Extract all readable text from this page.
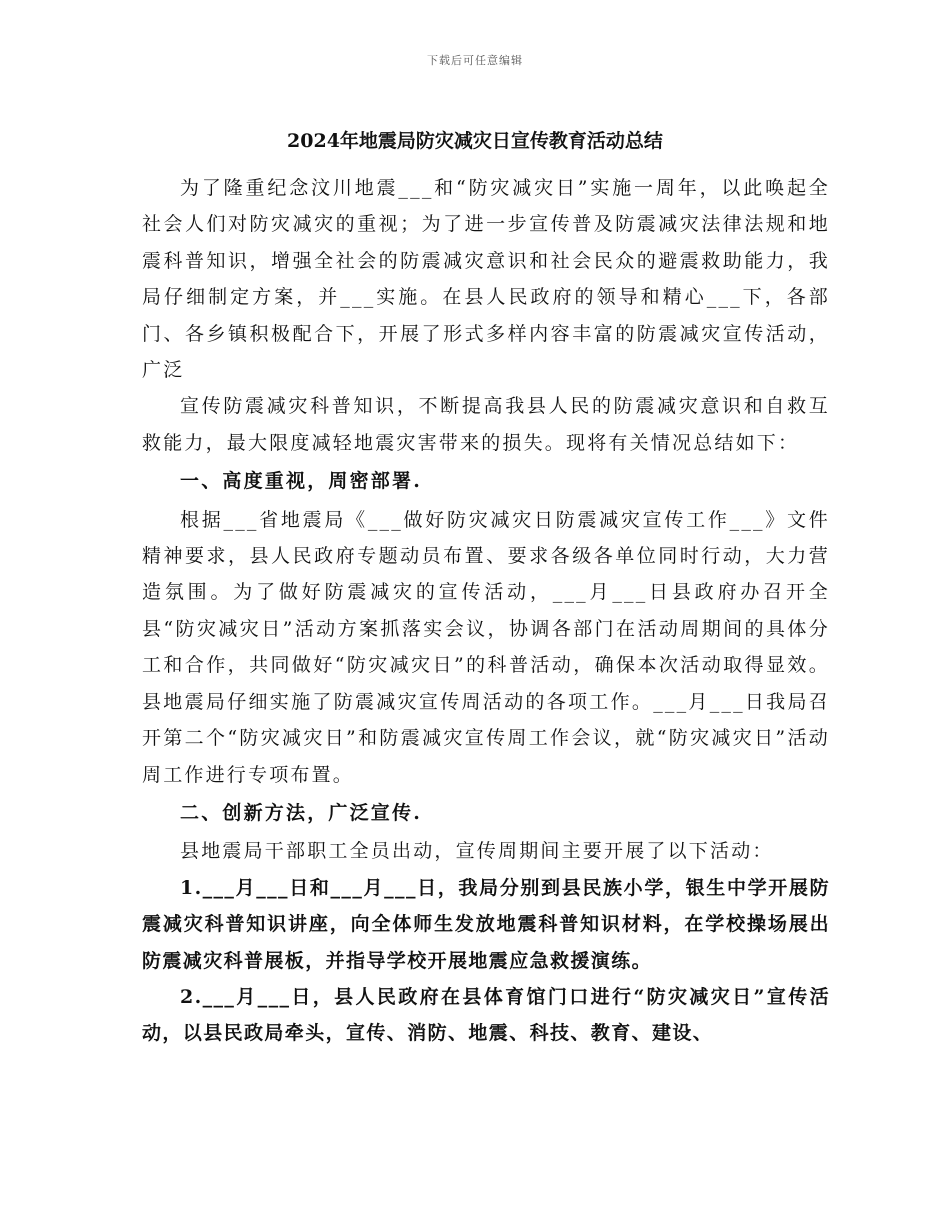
下载后可任意编辑
2024年地震局防灾减灾日宣传教育活动总结

为了隆重纪念汶川地震___和“防灾减灾日”实施一周年，以此唤起全社会人们对防灾减灾的重视；为了进一步宣传普及防震减灾法律法规和地震科普知识，增强全社会的防震减灾意识和社会民众的避震救助能力，我局仔细制定方案，并___实施。在县人民政府的领导和精心___下，各部门、各乡镇积极配合下，开展了形式多样内容丰富的防震减灾宣传活动，广泛

宣传防震减灾科普知识，不断提高我县人民的防震减灾意识和自救互救能力，最大限度减轻地震灾害带来的损失。现将有关情况总结如下：

一、高度重视，周密部署.

根据___省地震局《___做好防灾减灾日防震减灾宣传工作___》文件精神要求，县人民政府专题动员布置、要求各级各单位同时行动，大力营造氛围。为了做好防震减灾的宣传活动，___月___日县政府办召开全县“防灾减灾日”活动方案抓落实会议，协调各部门在活动周期间的具体分工和合作，共同做好“防灾减灾日”的科普活动，确保本次活动取得显效。县地震局仔细实施了防震减灾宣传周活动的各项工作。___月___日我局召开第二个“防灾减灾日”和防震减灾宣传周工作会议，就“防灾减灾日”活动周工作进行专项布置。

二、创新方法，广泛宣传.

县地震局干部职工全员出动，宣传周期间主要开展了以下活动：

1.___月___日和___月___日，我局分别到县民族小学，银生中学开展防震减灾科普知识讲座，向全体师生发放地震科普知识材料，在学校操场展出防震减灾科普展板，并指导学校开展地震应急救援演练。

2.___月___日，县人民政府在县体育馆门口进行“防灾减灾日”宣传活动，以县民政局牵头，宣传、消防、地震、科技、教育、建设、
